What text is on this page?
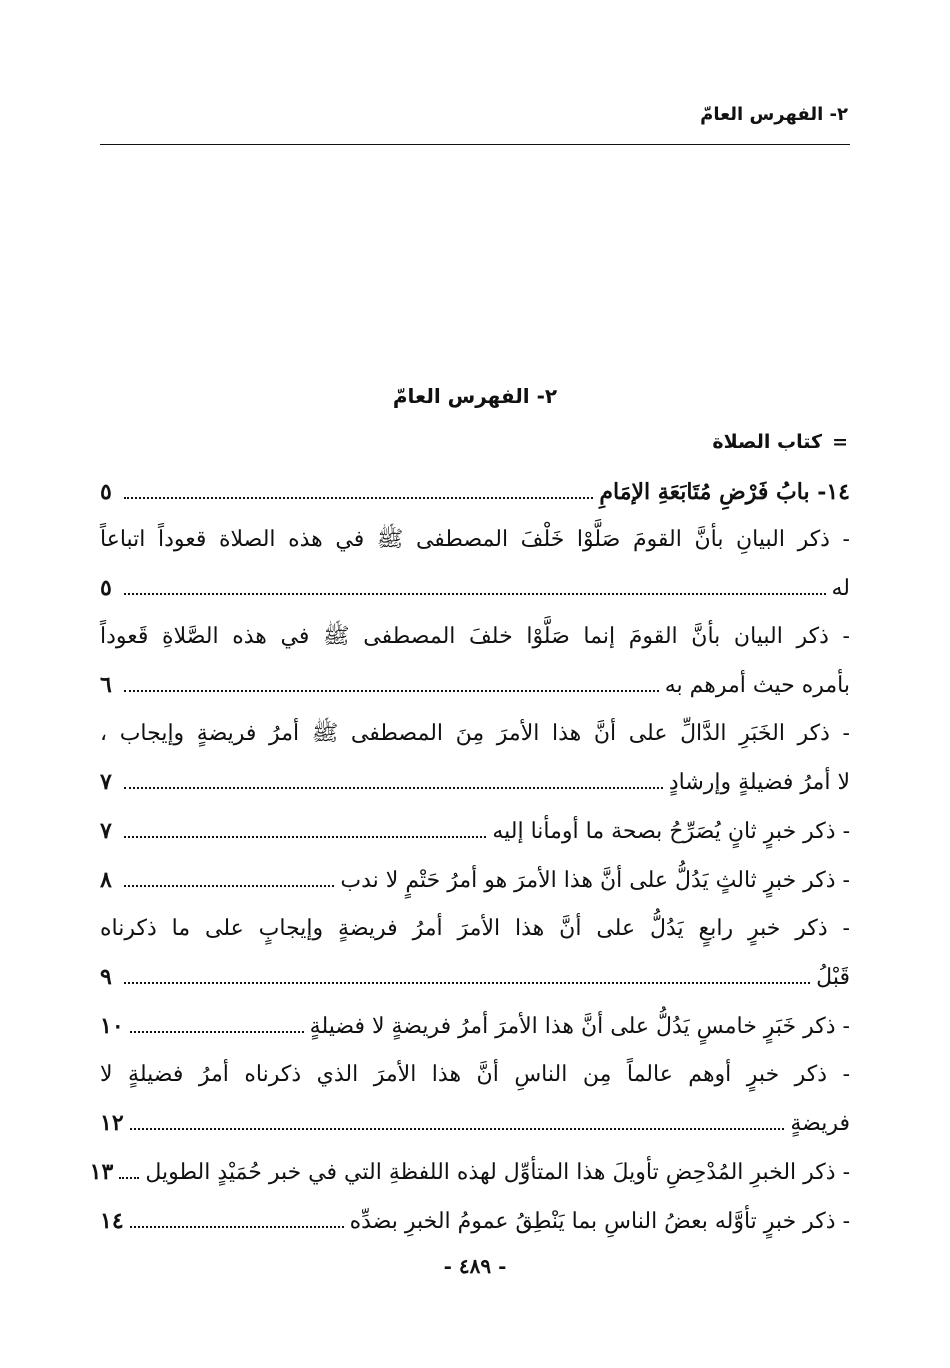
٢- الفهرس العامّ
٢- الفهرس العامّ
=
كتاب الصلاة
١٤- بابُ فَرْضِ مُتَابَعَةِ الإمَامِ
٥
- ذكر البيانِ بأنَّ القومَ صَلَّوْا خَلْفَ المصطفى ﷺ في هذه الصلاة قعوداً اتباعاً
له
٥
- ذكر البيان بأنَّ القومَ إنما صَلَّوْا خلفَ المصطفى ﷺ في هذه الصَّلاةِ قَعوداً
بأمره حيث أمرهم به
٦
- ذكر الخَبَرِ الدَّالِّ على أنَّ هذا الأمرَ مِنَ المصطفى ﷺ أمرُ فريضةٍ وإيجاب ،
لا أمرُ فضيلةٍ وإرشادٍ
٧
- ذكر خبرٍ ثانٍ يُصَرِّحُ بصحة ما أومأنا إليه
٧
- ذكر خبرٍ ثالثٍ يَدُلُّ على أنَّ هذا الأمرَ هو أمرُ حَتْمٍ لا ندب
٨
- ذكر خبرٍ رابعٍ يَدُلُّ على أنَّ هذا الأمرَ أمرُ فريضةٍ وإيجابٍ على ما ذكرناه
قَبْلُ
٩
- ذكر خَبَرٍ خامسٍ يَدُلُّ على أنَّ هذا الأمرَ أمرُ فريضةٍ لا فضيلةٍ
١٠
- ذكر خبرٍ أوهم عالماً مِن الناسِ أنَّ هذا الأمرَ الذي ذكرناه أمرُ فضيلةٍ لا
فريضةٍ
١٢
- ذكر الخبرِ المُدْحِضِ تأويلَ هذا المتأوِّل لهذه اللفظةِ التي في خبر حُمَيْدٍ الطويل
١٣
- ذكر خبرٍ تأوَّله بعضُ الناسِ بما يَنْطِقُ عمومُ الخبرِ بضدِّه
١٤
- ٤٨٩ -
